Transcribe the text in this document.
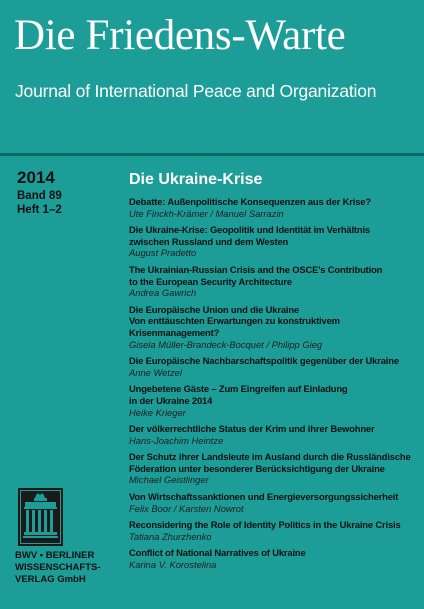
Die Friedens-Warte
Journal of International Peace and Organization
2014
Band 89
Heft 1–2
Die Ukraine-Krise
Debatte: Außenpolitische Konsequenzen aus der Krise?
Ute Finckh-Krämer / Manuel Sarrazin
Die Ukraine-Krise: Geopolitik und Identität im Verhältnis
zwischen Russland und dem Westen
August Pradetto
The Ukrainian-Russian Crisis and the OSCE's Contribution
to the European Security Architecture
Andrea Gawrich
Die Europäische Union und die Ukraine
Von enttäuschten Erwartungen zu konstruktivem
Krisenmanagement?
Gisela Müller-Brandeck-Bocquet / Philipp Gieg
Die Europäische Nachbarschaftspolitik gegenüber der Ukraine
Anne Wetzel
Ungebetene Gäste – Zum Eingreifen auf Einladung
in der Ukraine 2014
Heike Krieger
Der völkerrechtliche Status der Krim und ihrer Bewohner
Hans-Joachim Heintze
Der Schutz ihrer Landsleute im Ausland durch die Russländische
Föderation unter besonderer Berücksichtigung der Ukraine
Michael Geistlinger
Von Wirtschaftssanktionen und Energieversorgungssicherheit
Felix Boor / Karsten Nowrot
Reconsidering the Role of Identity Politics in the Ukraine Crisis
Tatiana Zhurzhenko
Conflict of National Narratives of Ukraine
Karina V. Korostelina
BWV • BERLINER
WISSENSCHAFTS-
VERLAG GmbH
